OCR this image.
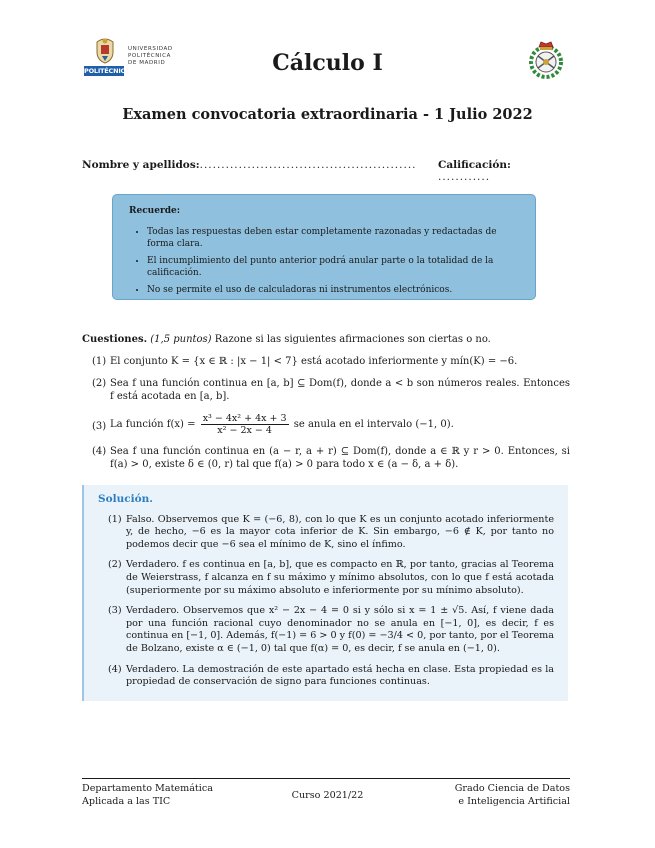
POLITÉCNICA
UNIVERSIDAD
POLITÉCNICA
DE MADRID	Cálculo I
Examen convocatoria extraordinaria - 1 Julio 2022
Nombre y apellidos:.................................................. Calificación: ............
Recuerde:
• Todas las respuestas deben estar completamente razonadas y redactadas de forma clara.
• El incumplimiento del punto anterior podrá anular parte o la totalidad de la calificación.
• No se permite el uso de calculadoras ni instrumentos electrónicos.
Cuestiones. (1,5 puntos) Razone si las siguientes afirmaciones son ciertas o no.
(1) El conjunto K = {x ∈ ℝ : |x − 1| < 7} está acotado inferiormente y mín(K) = −6.
(2) Sea f una función continua en [a, b] ⊆ Dom(f), donde a < b son números reales. Entonces f está acotada en [a, b].
(3) La función $f(x) = \frac{\text{x³ − 4x² + 4x + 3}}{\text{x² − 2x − 4}}$ se anula en el intervalo (−1, 0).
(4) Sea f una función continua en (a − r, a + r) ⊆ Dom(f), donde a ∈ ℝ y r > 0. Entonces, si f(a) > 0, existe δ ∈ (0, r) tal que f(a) > 0 para todo x ∈ (a − δ, a + δ).
Solución.
(1) Falso. Observemos que K = (−6, 8), con lo que K es un conjunto acotado inferiormente y, de hecho, −6 es la mayor cota inferior de K. Sin embargo, −6 ∉ K, por tanto no podemos decir que −6 sea el mínimo de K, sino el ínfimo.
(2) Verdadero. f es continua en [a, b], que es compacto en ℝ, por tanto, gracias al Teorema de Weierstrass, f alcanza en f su máximo y mínimo absolutos, con lo que f está acotada (superiormente por su máximo absoluto e inferiormente por su mínimo absoluto).
(3) Verdadero. Observemos que x² − 2x − 4 = 0 si y sólo si x = 1 ± √5. Así, f viene dada por una función racional cuyo denominador no se anula en [−1, 0], es decir, f es continua en [−1, 0]. Además, f(−1) = 6 > 0 y f(0) = −3/4 < 0, por tanto, por el Teorema de Bolzano, existe α ∈ (−1, 0) tal que f(α) = 0, es decir, f se anula en (−1, 0).
(4) Verdadero. La demostración de este apartado está hecha en clase. Esta propiedad es la propiedad de conservación de signo para funciones continuas.
Departamento Matemática
Aplicada a las TIC
Curso 2021/22
Grado Ciencia de Datos
e Inteligencia Artificial
